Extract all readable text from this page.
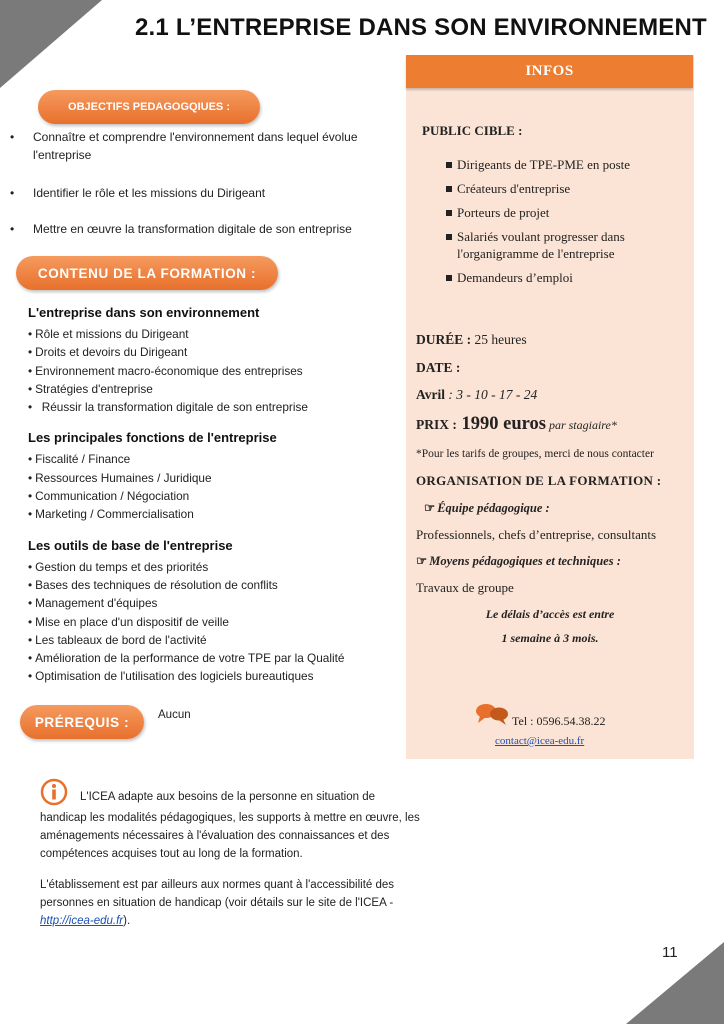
2.1 L’ENTREPRISE DANS SON ENVIRONNEMENT
OBJECTIFS PEDAGOGQIUES :
• Connaître et comprendre l'environnement dans lequel évolue l'entreprise
• Identifier le rôle et les missions du Dirigeant
• Mettre en œuvre la transformation digitale de son entreprise
CONTENU DE LA FORMATION :
L'entreprise dans son environnement
• Rôle et missions du Dirigeant
• Droits et devoirs du Dirigeant
• Environnement macro-économique des entreprises
• Stratégies d'entreprise
•  Réussir la transformation digitale de son entreprise
Les principales fonctions de l'entreprise
• Fiscalité / Finance
• Ressources Humaines / Juridique
• Communication / Négociation
• Marketing / Commercialisation
Les outils de base de l'entreprise
• Gestion du temps et des priorités
• Bases des techniques de résolution de conflits
• Management d'équipes
• Mise en place d'un dispositif de veille
• Les tableaux de bord de l'activité
• Amélioration de la performance de votre TPE par la Qualité
• Optimisation de l'utilisation des logiciels bureautiques
PRÉREQUIS :	Aucun
INFOS
PUBLIC CIBLE :
Dirigeants de TPE-PME en poste
Créateurs d'entreprise
Porteurs de projet
Salariés voulant progresser dans l'organigramme de l'entreprise
Demandeurs d’emploi
DURÉE : 25 heures
DATE :
Avril : 3 - 10 - 17 - 24
PRIX : 1990 euros par stagiaire*
*Pour les tarifs de groupes, merci de nous contacter
ORGANISATION DE LA FORMATION :
☞ Équipe pédagogique :
Professionnels, chefs d’entreprise, consultants
☞ Moyens pédagogiques et techniques :
Travaux de groupe
Le délais d’accès est entre
1 semaine à 3 mois.
Tel : 0596.54.38.22
contact@icea-edu.fr
L'ICEA adapte aux besoins de la personne en situation de
handicap les modalités pédagogiques, les supports à mettre en œuvre, les aménagements nécessaires à l'évaluation des connaissances et des compétences acquises tout au long de la formation.
L'établissement est par ailleurs aux normes quant à l'accessibilité des personnes en situation de handicap (voir détails sur le site de l'ICEA - http://icea-edu.fr).
11
